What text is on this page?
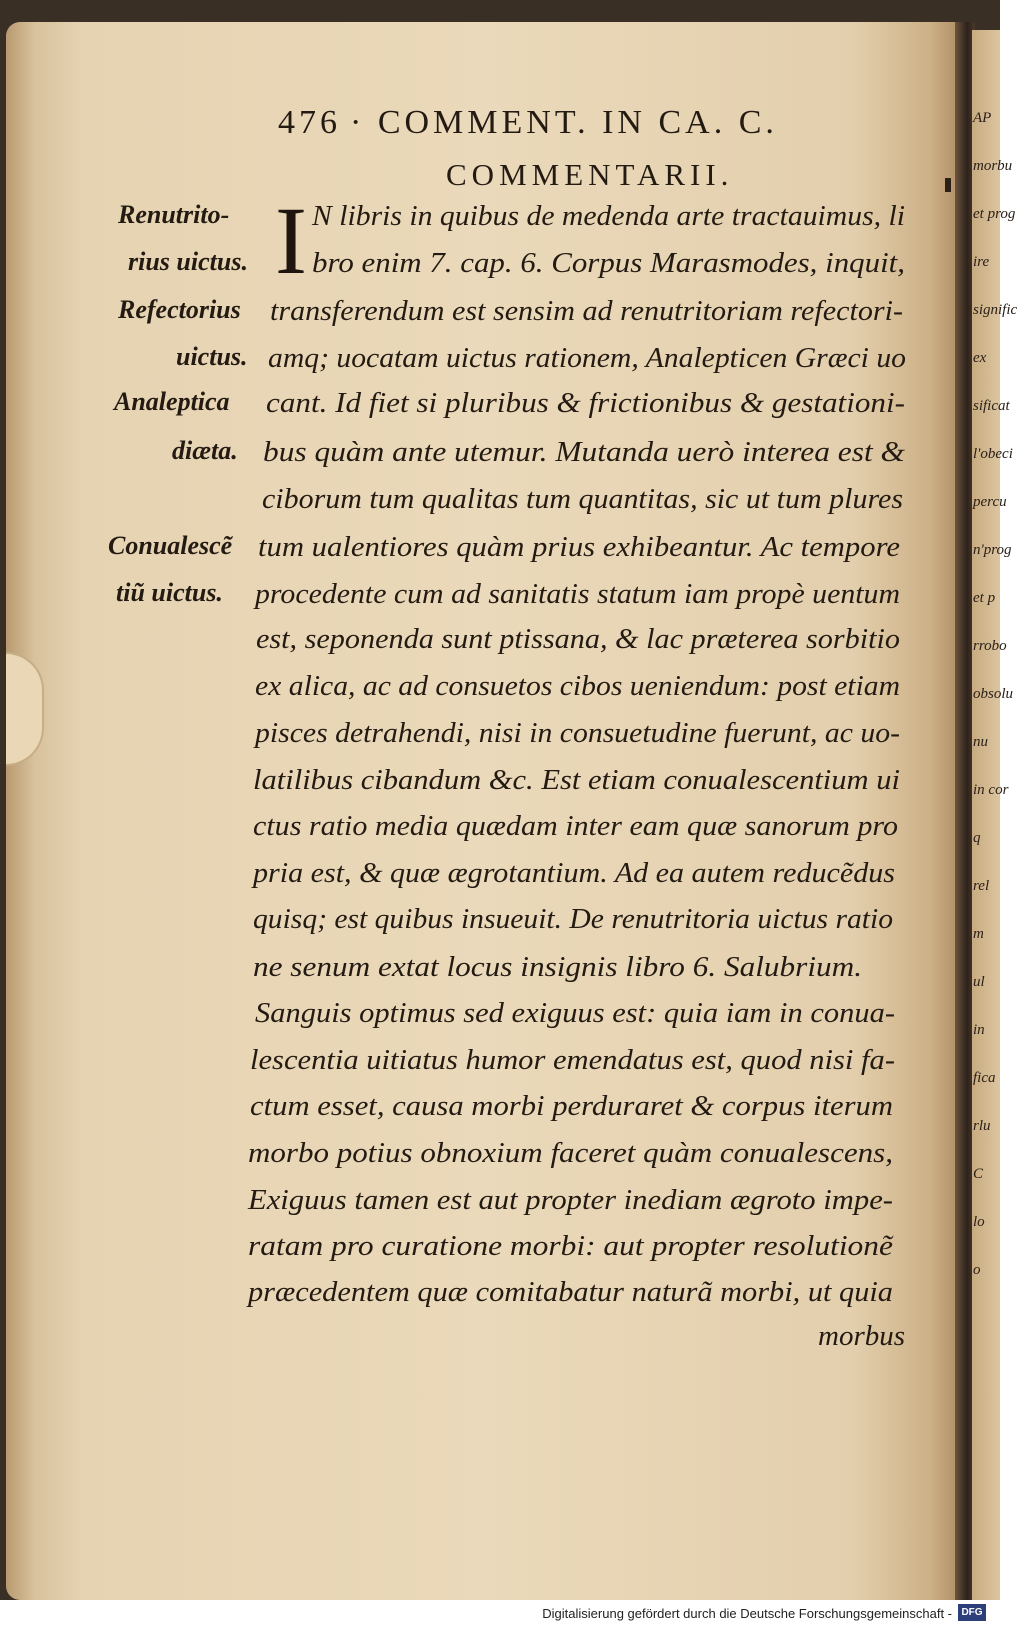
AP
morbu
et prog
ire
signific
ex
sificat
l'obeci
percu
n'prog
et p
rrobo
obsolu
nu
in cor
q
rel
m
ul
in
fica
rlu
C
lo
o
476 · COMMENT. IN CA. C.
COMMENTARII.
I
morbus
N libris in quibus de medenda arte tractauimus, li
bro enim 7. cap. 6. Corpus Marasmodes, inquit,
transferendum est sensim ad renutritoriam refectori-
amq; uocatam uictus rationem, Analepticen Græci uo
cant. Id fiet si pluribus & frictionibus & gestationi-
bus quàm ante utemur. Mutanda uerò interea est &
ciborum tum qualitas tum quantitas, sic ut tum plures
tum ualentiores quàm prius exhibeantur. Ac tempore
procedente cum ad sanitatis statum iam propè uentum
est, seponenda sunt ptissana, & lac præterea sorbitio
ex alica, ac ad consuetos cibos ueniendum: post etiam
pisces detrahendi, nisi in consuetudine fuerunt, ac uo-
latilibus cibandum &c. Est etiam conualescentium ui
ctus ratio media quædam inter eam quæ sanorum pro
pria est, & quæ ægrotantium. Ad ea autem reducẽdus
quisq; est quibus insueuit. De renutritoria uictus ratio
ne senum extat locus insignis libro 6. Salubrium.
Sanguis optimus sed exiguus est: quia iam in conua-
lescentia uitiatus humor emendatus est, quod nisi fa-
ctum esset, causa morbi perduraret & corpus iterum
morbo potius obnoxium faceret quàm conualescens,
Exiguus tamen est aut propter inediam ægroto impe-
ratam pro curatione morbi: aut propter resolutionẽ
præcedentem quæ comitabatur naturã morbi, ut quia
Renutrito-
rius uictus.
Refectorius
uictus.
Analeptica
diæta.
Conualescẽ
tiũ uictus.
Digitalisierung gefördert durch die Deutsche Forschungsgemeinschaft - DFG
